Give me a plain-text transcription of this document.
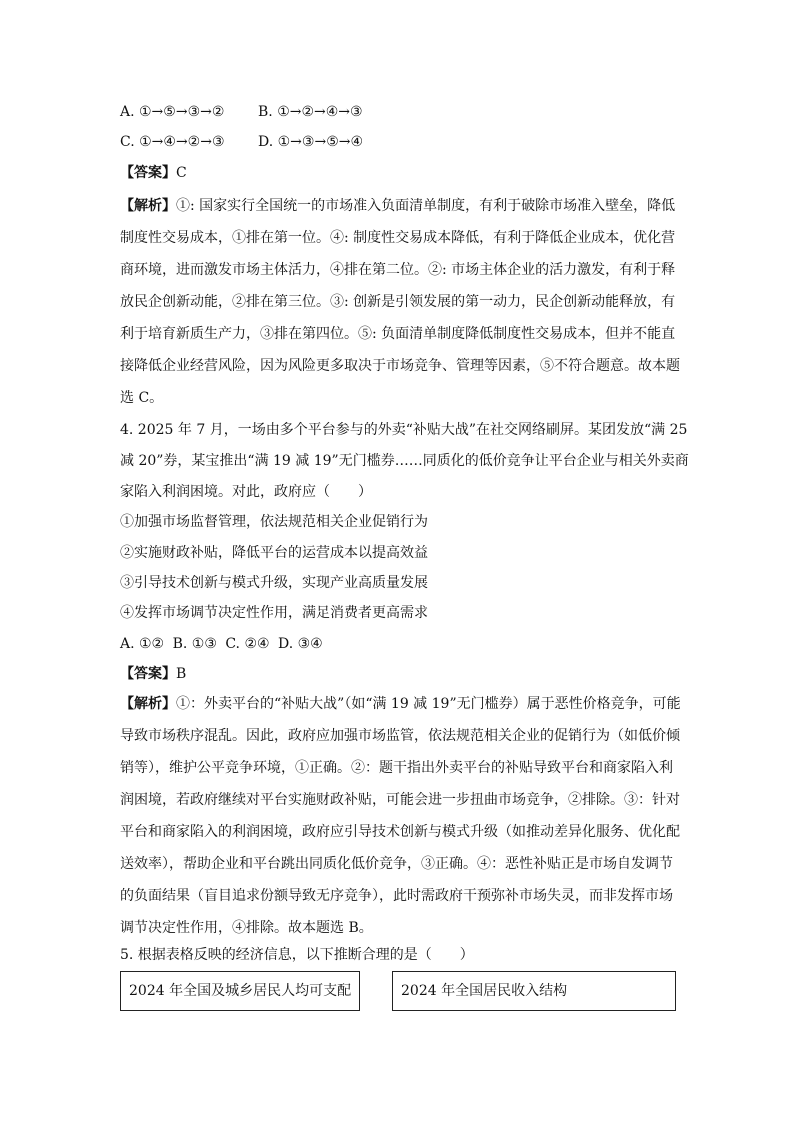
A. ①→⑤→③→② B. ①→②→④→③
C. ①→④→②→③ D. ①→③→⑤→④
【答案】C
【解析】①: 国家实行全国统一的市场准入负面清单制度，有利于破除市场准入壁垒，降低
制度性交易成本，①排在第一位。④: 制度性交易成本降低，有利于降低企业成本，优化营
商环境，进而激发市场主体活力，④排在第二位。②: 市场主体企业的活力激发，有利于释
放民企创新动能，②排在第三位。③: 创新是引领发展的第一动力，民企创新动能释放，有
利于培育新质生产力，③排在第四位。⑤: 负面清单制度降低制度性交易成本，但并不能直
接降低企业经营风险，因为风险更多取决于市场竞争、管理等因素，⑤不符合题意。故本题
选 C。
4. 2025 年 7 月，一场由多个平台参与的外卖“补贴大战”在社交网络刷屏。某团发放“满 25
减 20”券，某宝推出“满 19 减 19”无门槛券……同质化的低价竞争让平台企业与相关外卖商
家陷入利润困境。对此，政府应（　　）
①加强市场监督管理，依法规范相关企业促销行为
②实施财政补贴，降低平台的运营成本以提高效益
③引导技术创新与模式升级，实现产业高质量发展
④发挥市场调节决定性作用，满足消费者更高需求
A. ①② B. ①③ C. ②④ D. ③④
【答案】B
【解析】①：外卖平台的“补贴大战”（如“满 19 减 19”无门槛券）属于恶性价格竞争，可能
导致市场秩序混乱。因此，政府应加强市场监管，依法规范相关企业的促销行为（如低价倾
销等），维护公平竞争环境，①正确。②：题干指出外卖平台的补贴导致平台和商家陷入利
润困境，若政府继续对平台实施财政补贴，可能会进一步扭曲市场竞争，②排除。③：针对
平台和商家陷入的利润困境，政府应引导技术创新与模式升级（如推动差异化服务、优化配
送效率），帮助企业和平台跳出同质化低价竞争，③正确。④：恶性补贴正是市场自发调节
的负面结果（盲目追求份额导致无序竞争），此时需政府干预弥补市场失灵，而非发挥市场
调节决定性作用，④排除。故本题选 B。
5. 根据表格反映的经济信息，以下推断合理的是（　　）
2024 年全国及城乡居民人均可支配	2024 年全国居民收入结构
